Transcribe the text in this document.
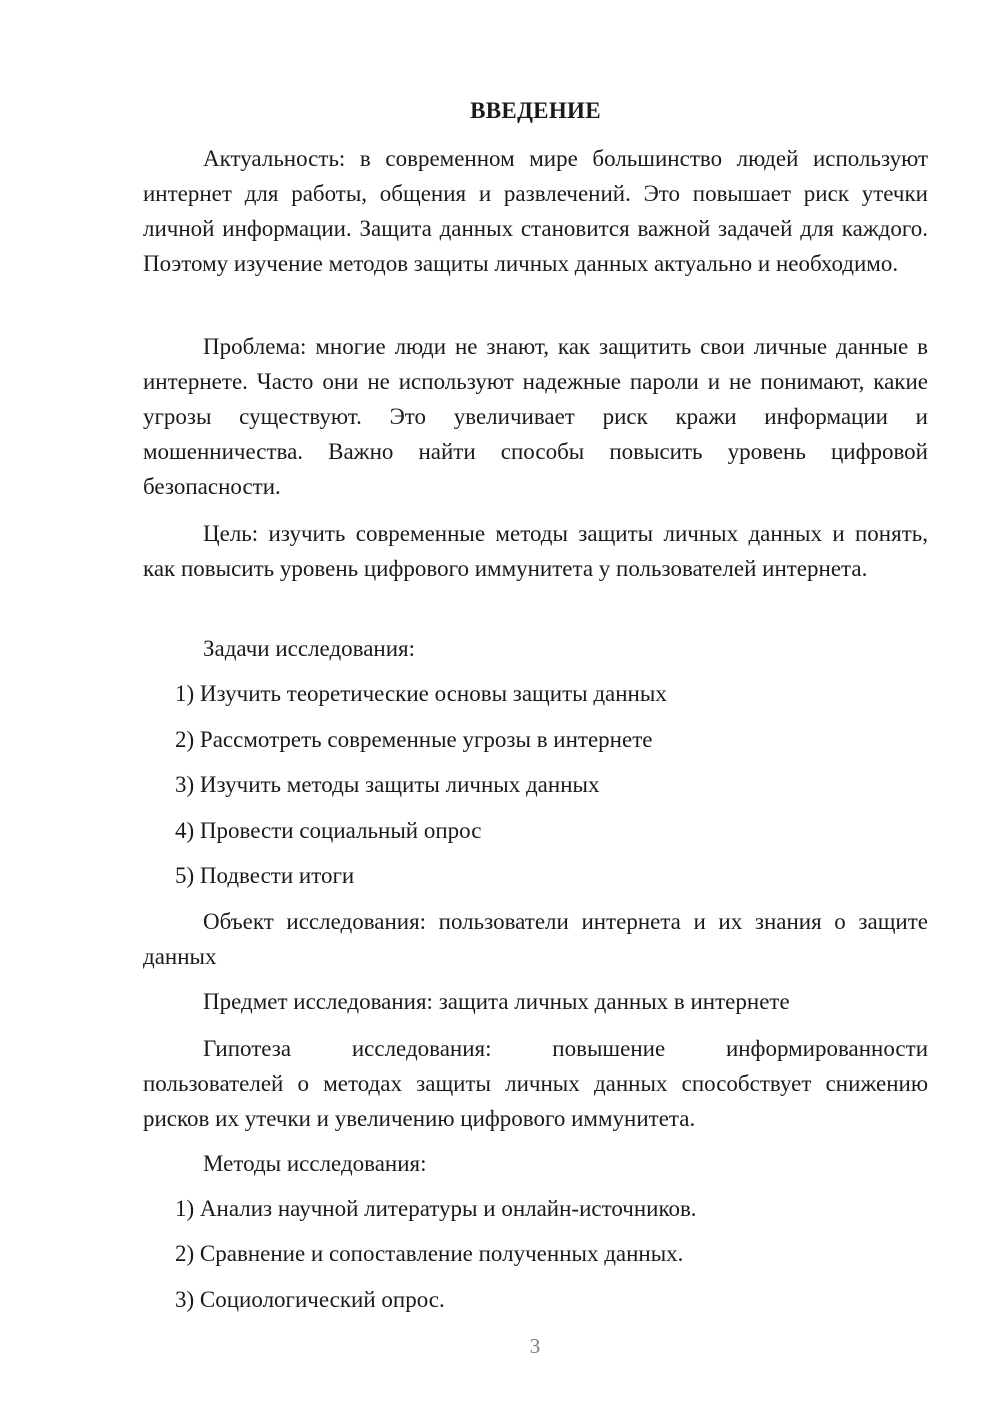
ВВЕДЕНИЕ

Актуальность: в современном мире большинство людей используют интернет для работы, общения и развлечений. Это повышает риск утечки личной информации. Защита данных становится важной задачей для каждого. Поэтому изучение методов защиты личных данных актуально и необходимо.

Проблема: многие люди не знают, как защитить свои личные данные в интернете. Часто они не используют надежные пароли и не понимают, какие угрозы существуют. Это увеличивает риск кражи информации и мошенничества. Важно найти способы повысить уровень цифровой безопасности.

Цель: изучить современные методы защиты личных данных и понять, как повысить уровень цифрового иммунитета у пользователей интернета.

Задачи исследования:

1) Изучить теоретические основы защиты данных

2) Рассмотреть современные угрозы в интернете

3) Изучить методы защиты личных данных

4) Провести социальный опрос

5) Подвести итоги

Объект исследования: пользователи интернета и их знания о защите данных

Предмет исследования: защита личных данных в интернете

Гипотеза исследования: повышение информированности

пользователей о методах защиты личных данных способствует снижению рисков их утечки и увеличению цифрового иммунитета.

Методы исследования:

1) Анализ научной литературы и онлайн-источников.

2) Сравнение и сопоставление полученных данных.

3) Социологический опрос.

3
